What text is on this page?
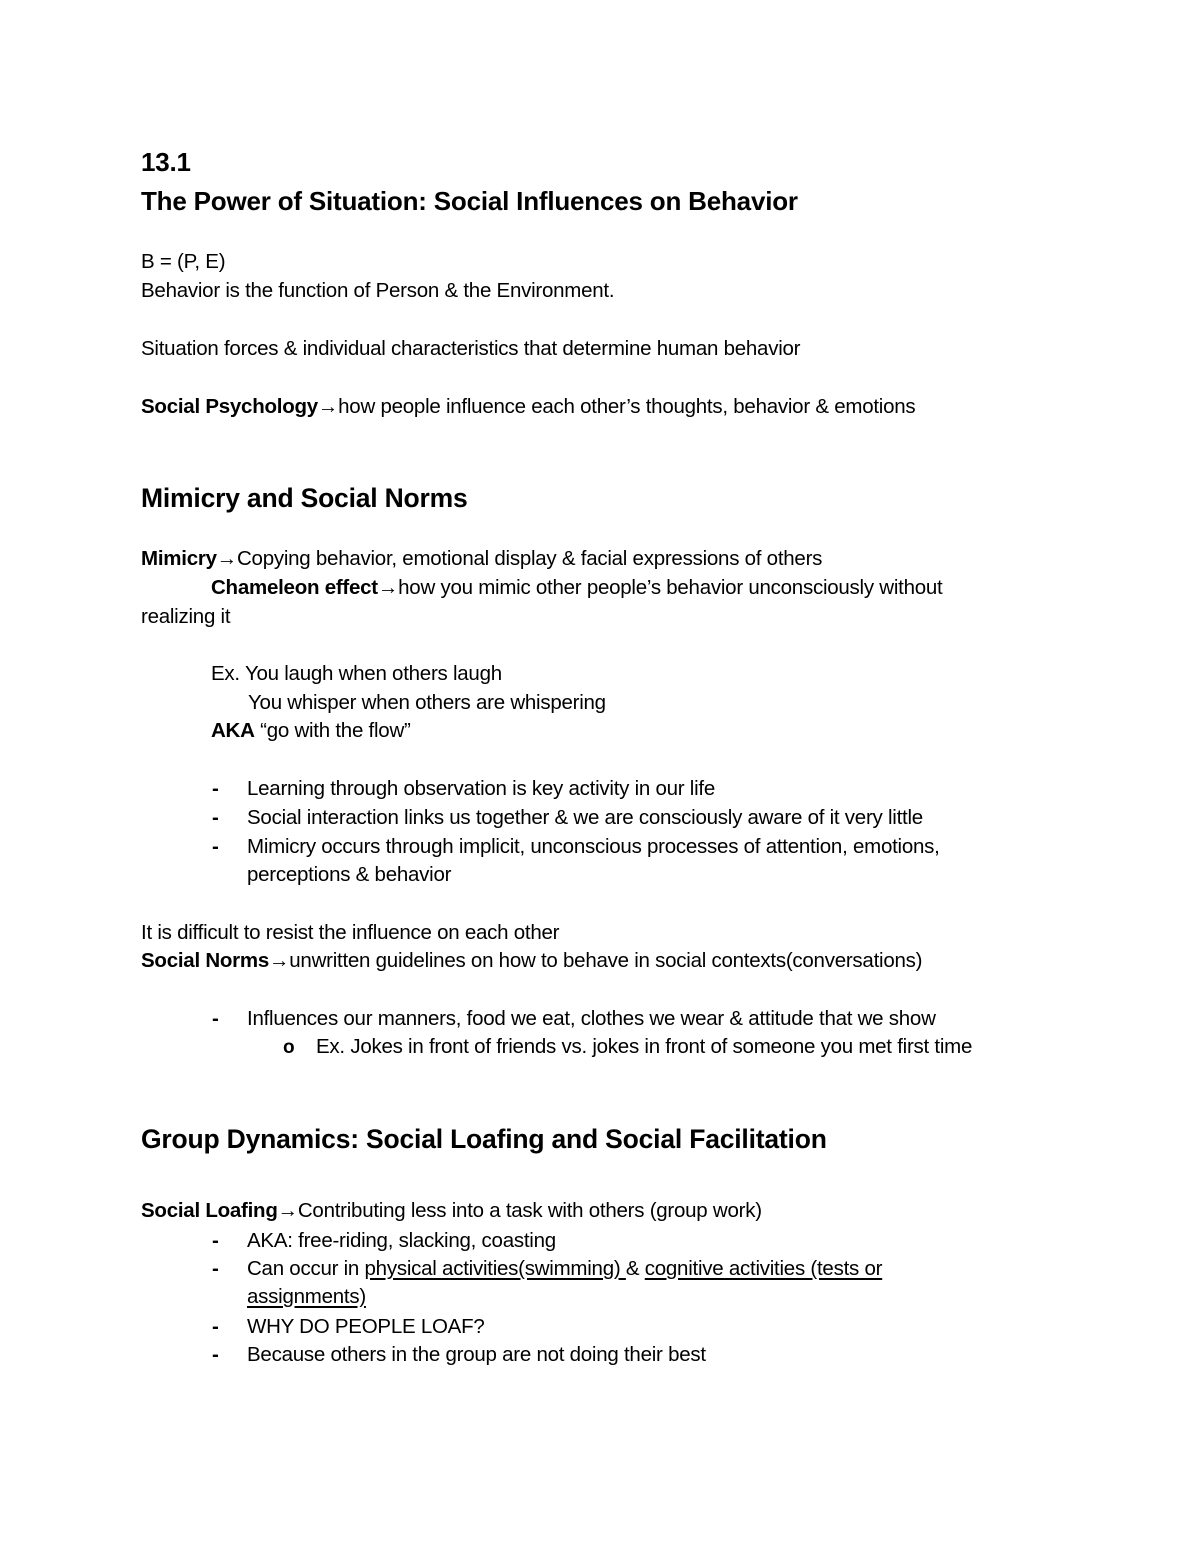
13.1
The Power of Situation: Social Influences on Behavior
B = (P, E)
Behavior is the function of Person & the Environment.
Situation forces & individual characteristics that determine human behavior
Social Psychology→how people influence each other’s thoughts, behavior & emotions
Mimicry and Social Norms
Mimicry→Copying behavior, emotional display & facial expressions of others
Chameleon effect→how you mimic other people’s behavior unconsciously without
realizing it
Ex. You laugh when others laugh
You whisper when others are whispering
AKA “go with the flow”
- Learning through observation is key activity in our life
- Social interaction links us together & we are consciously aware of it very little
- Mimicry occurs through implicit, unconscious processes of attention, emotions,
perceptions & behavior
It is difficult to resist the influence on each other
Social Norms→unwritten guidelines on how to behave in social contexts(conversations)
- Influences our manners, food we eat, clothes we wear & attitude that we show
o Ex. Jokes in front of friends vs. jokes in front of someone you met first time
Group Dynamics: Social Loafing and Social Facilitation
Social Loafing→Contributing less into a task with others (group work)
- AKA: free-riding, slacking, coasting
- Can occur in physical activities(swimming) & cognitive activities (tests or
assignments)
- WHY DO PEOPLE LOAF?
- Because others in the group are not doing their best
